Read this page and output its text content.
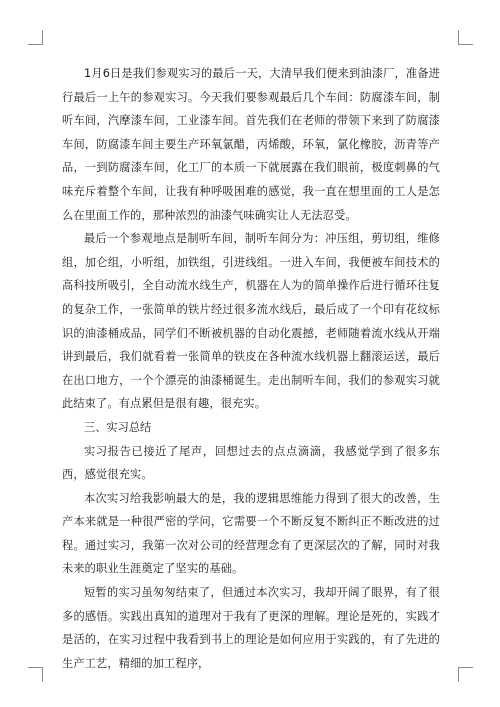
1月6日是我们参观实习的最后一天，大清早我们便来到油漆厂，准备进行最后一上午的参观实习。今天我们要参观最后几个车间：防腐漆车间，制听车间，汽摩漆车间，工业漆车间。首先我们在老师的带领下来到了防腐漆车间，防腐漆车间主要生产环氧氯醋，丙烯酸，环氧，氯化橡胶，沥青等产品，一到防腐漆车间，化工厂的本质一下就展露在我们眼前，极度刺鼻的气味充斥着整个车间，让我有种呼吸困难的感觉，我一直在想里面的工人是怎么在里面工作的，那种浓烈的油漆气味确实让人无法忍受。

最后一个参观地点是制听车间，制听车间分为：冲压组，剪切组，维修组，加仑组，小听组，加铁组，引进线组。一进入车间，我便被车间技术的高科技所吸引，全自动流水线生产，机器在人为的简单操作后进行循环往复的复杂工作，一张简单的铁片经过很多流水线后，最后成了一个印有花纹标识的油漆桶成品，同学们不断被机器的自动化震撼，老师随着流水线从开端讲到最后，我们就看着一张简单的铁皮在各种流水线机器上翻滚运送，最后在出口地方，一个个漂亮的油漆桶诞生。走出制听车间，我们的参观实习就此结束了。有点累但是很有趣，很充实。

三、实习总结

实习报告已接近了尾声，回想过去的点点滴滴，我感觉学到了很多东西，感觉很充实。

本次实习给我影响最大的是，我的逻辑思维能力得到了很大的改善，生产本来就是一种很严密的学问，它需要一个不断反复不断纠正不断改进的过程。通过实习，我第一次对公司的经营理念有了更深层次的了解，同时对我未来的职业生涯奠定了坚实的基础。

短暂的实习虽匆匆结束了，但通过本次实习，我却开阔了眼界，有了很多的感悟。实践出真知的道理对于我有了更深的理解。理论是死的，实践才是活的，在实习过程中我看到书上的理论是如何应用于实践的，有了先进的生产工艺，精细的加工程序，
